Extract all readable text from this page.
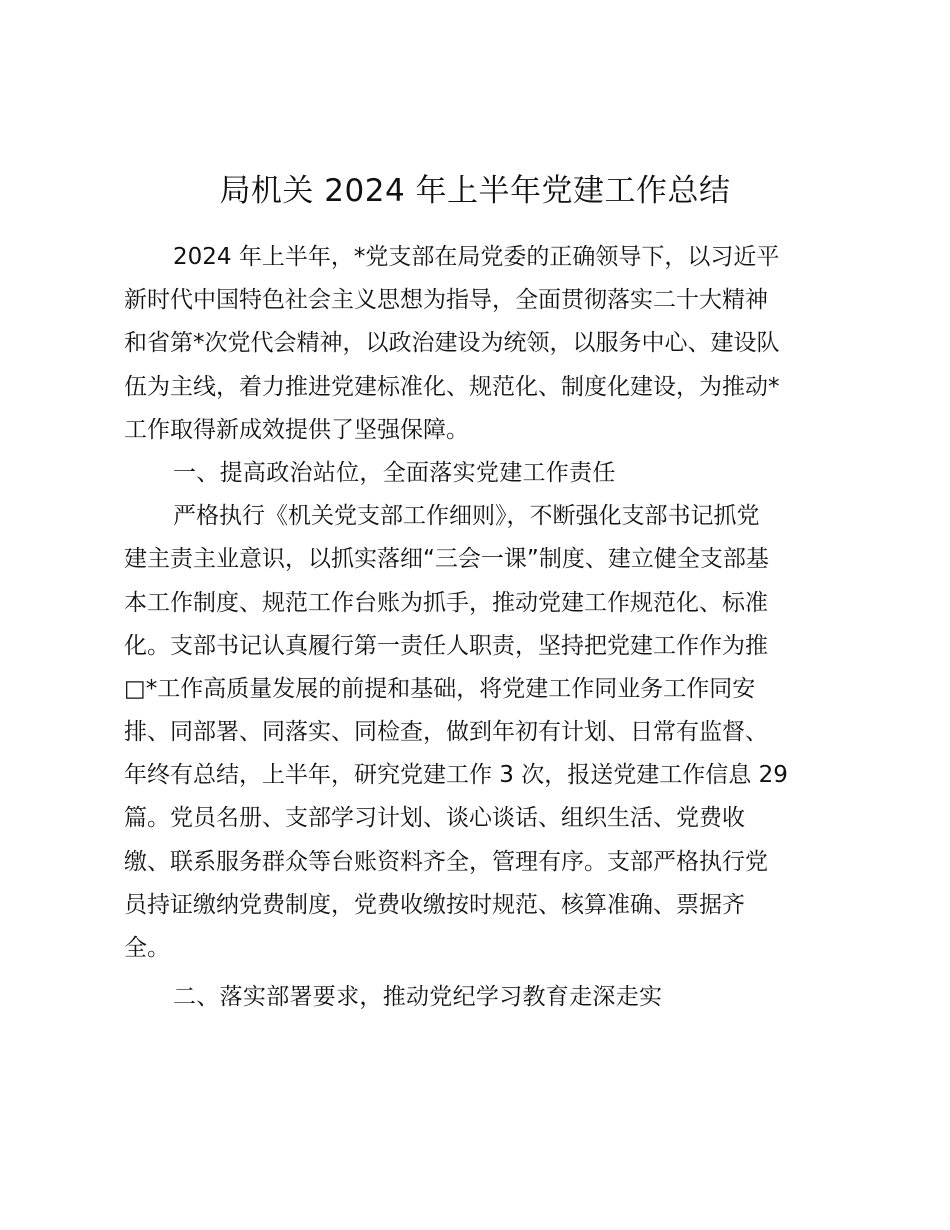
局机关 2024 年上半年党建工作总结
2024 年上半年，*党支部在局党委的正确领导下，以习近平
新时代中国特色社会主义思想为指导，全面贯彻落实二十大精神
和省第*次党代会精神，以政治建设为统领，以服务中心、建设队
伍为主线，着力推进党建标准化、规范化、制度化建设，为推动*
工作取得新成效提供了坚强保障。
一、提高政治站位，全面落实党建工作责任
严格执行《机关党支部工作细则》，不断强化支部书记抓党
建主责主业意识，以抓实落细“三会一课”制度、建立健全支部基
本工作制度、规范工作台账为抓手，推动党建工作规范化、标准
化。支部书记认真履行第一责任人职责，坚持把党建工作作为推
□*工作高质量发展的前提和基础，将党建工作同业务工作同安
排、同部署、同落实、同检查，做到年初有计划、日常有监督、
年终有总结，上半年，研究党建工作 3 次，报送党建工作信息 29
篇。党员名册、支部学习计划、谈心谈话、组织生活、党费收
缴、联系服务群众等台账资料齐全，管理有序。支部严格执行党
员持证缴纳党费制度，党费收缴按时规范、核算准确、票据齐
全。
二、落实部署要求，推动党纪学习教育走深走实
